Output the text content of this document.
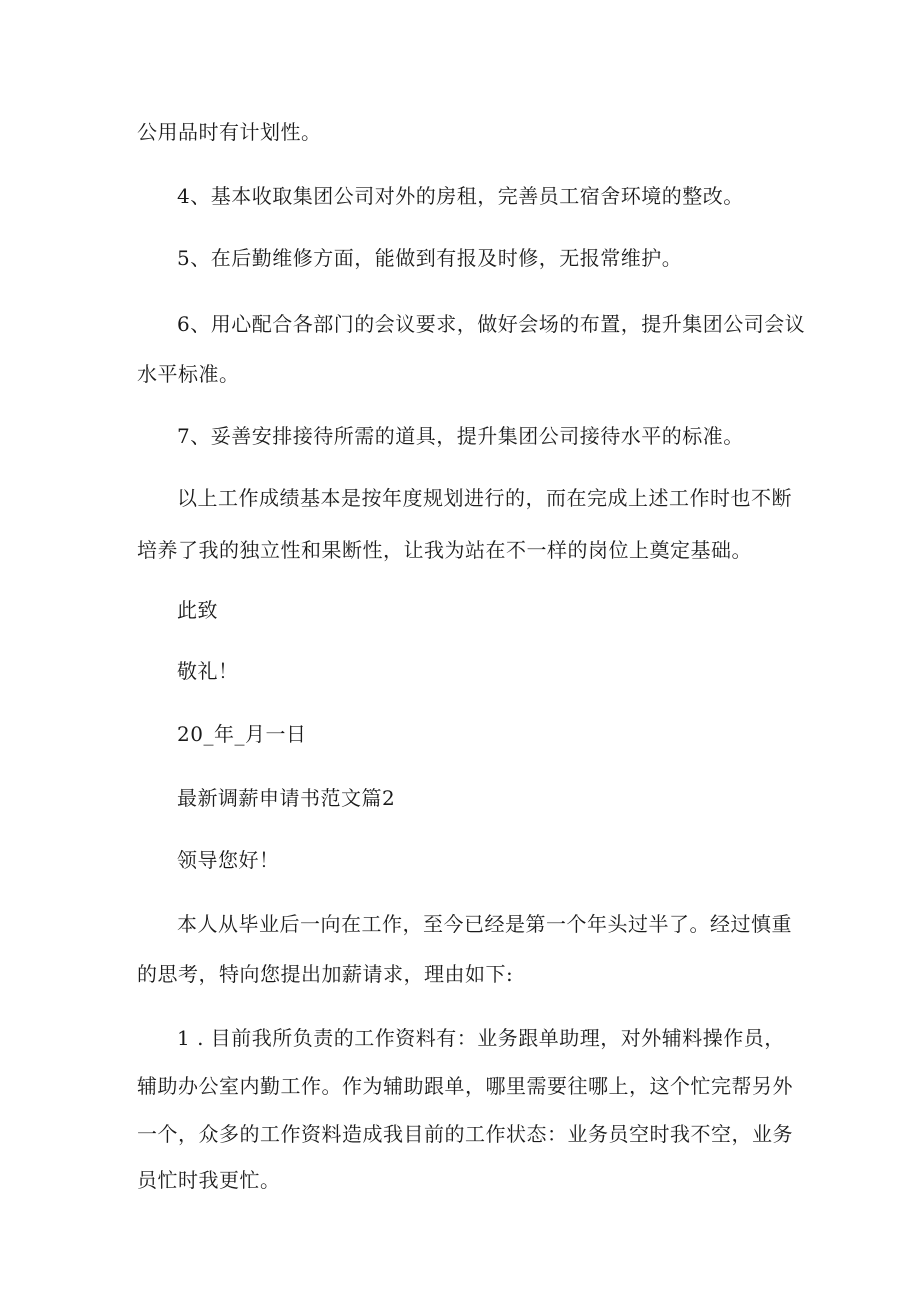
公用品时有计划性。
4、基本收取集团公司对外的房租，完善员工宿舍环境的整改。
5、在后勤维修方面，能做到有报及时修，无报常维护。
6、用心配合各部门的会议要求，做好会场的布置，提升集团公司会议
水平标准。
7、妥善安排接待所需的道具，提升集团公司接待水平的标准。
以上工作成绩基本是按年度规划进行的，而在完成上述工作时也不断
培养了我的独立性和果断性，让我为站在不一样的岗位上奠定基础。
此致
敬礼！
20_年_月一日
最新调薪申请书范文篇2
领导您好！
本人从毕业后一向在工作，至今已经是第一个年头过半了。经过慎重
的思考，特向您提出加薪请求，理由如下:
1 . 目前我所负责的工作资料有：业务跟单助理，对外辅料操作员，
辅助办公室内勤工作。作为辅助跟单，哪里需要往哪上，这个忙完帮另外
一个，众多的工作资料造成我目前的工作状态：业务员空时我不空，业务
员忙时我更忙。
